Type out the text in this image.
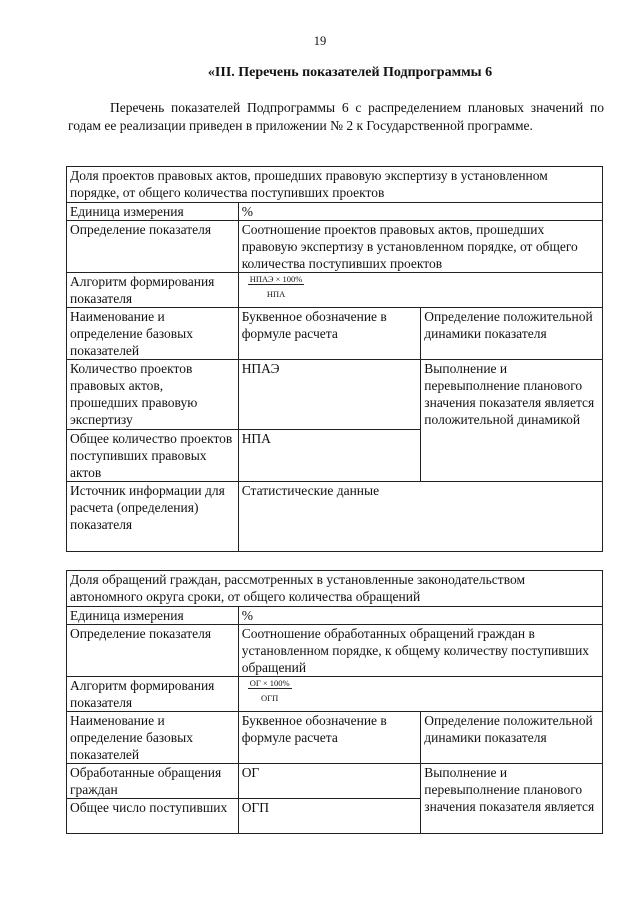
19
«III. Перечень показателей Подпрограммы 6
Перечень показателей Подпрограммы 6 с распределением плановых значений по годам ее реализации приведен в приложении № 2 к Государственной программе.
Доля проектов правовых актов, прошедших правовую экспертизу в установленном порядке, от общего количества поступивших проектов		
Единица измерения	%	
Определение показателя	Соотношение проектов правовых актов, прошедших правовую экспертизу в установленном порядке, от общего количества поступивших проектов	
Алгоритм формирования показателя	$\frac{\text{НПАЭ × 100\%}}{\text{НПА}}$

Наименование и определение базовых показателей	Буквенное обозначение в формуле расчета	Определение положительной динамики показателя
Количество проектов правовых актов, прошедших правовую экспертизу	НПАЭ	Выполнение и перевыполнение планового значения показателя является положительной динамикой
Общее количество проектов поступивших правовых актов	НПА	
Источник информации для расчета (определения) показателя	Статистические данные	
Доля обращений граждан, рассмотренных в установленные законодательством автономного округа сроки, от общего количества обращений		
Единица измерения	%	
Определение показателя	Соотношение обработанных обращений граждан в установленном порядке, к общему количеству поступивших обращений	
Алгоритм формирования показателя	$\frac{ОГ \times 100\%}{\text{ОГП}}$

Наименование и определение базовых показателей	Буквенное обозначение в формуле расчета	Определение положительной динамики показателя
Обработанные обращения граждан	ОГ	Выполнение и перевыполнение планового значения показателя является
Общее число поступивших	ОГП	
